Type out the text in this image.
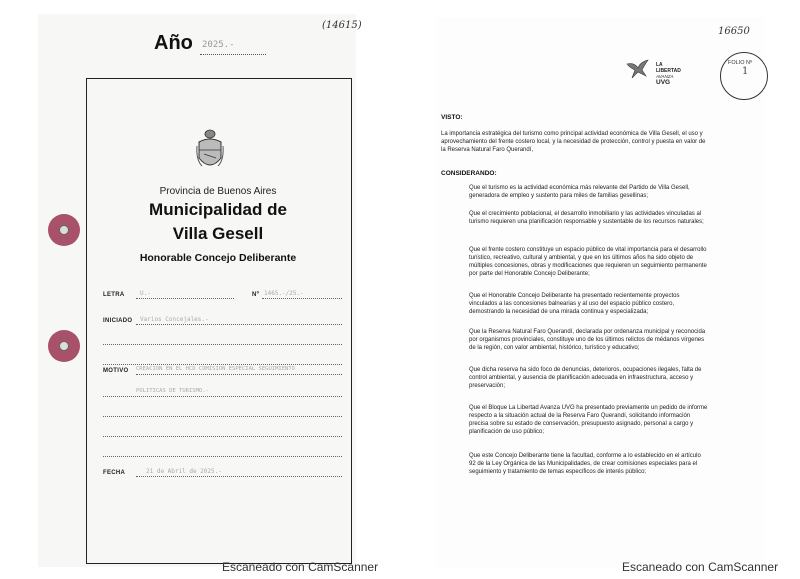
(14615)
Año 2025.-
Provincia de Buenos Aires
Municipalidad de
Villa Gesell
Honorable Concejo Deliberante
LETRA	U.-	Nº 1465.-/25.-
INICIADO Varios Concejales.-
MOTIVO CREACION EN EL HCD COMISION ESPECIAL SEGUIMIENTO
POLITICAS DE TURISMO.-
FECHA	21 de Abril de 2025.-
Escaneado con CamScanner
16650
LA
LIBERTAD
AVANZA
UVG
FOLIO Nº
1
VISTO:
La importancia estratégica del turismo como principal actividad económica de Villa Gesell, el uso y aprovechamiento del frente costero local, y la necesidad de protección, control y puesta en valor de la Reserva Natural Faro Querandí,
CONSIDERANDO:
Que el turismo es la actividad económica más relevante del Partido de Villa Gesell, generadora de empleo y sustento para miles de familias gesellinas;
Que el crecimiento poblacional, el desarrollo inmobiliario y las actividades vinculadas al turismo requieren una planificación responsable y sustentable de los recursos naturales;
Que el frente costero constituye un espacio público de vital importancia para el desarrollo turístico, recreativo, cultural y ambiental, y que en los últimos años ha sido objeto de múltiples concesiones, obras y modificaciones que requieren un seguimiento permanente por parte del Honorable Concejo Deliberante;
Que el Honorable Concejo Deliberante ha presentado recientemente proyectos vinculados a las concesiones balnearias y al uso del espacio público costero, demostrando la necesidad de una mirada continua y especializada;
Que la Reserva Natural Faro Querandí, declarada por ordenanza municipal y reconocida por organismos provinciales, constituye uno de los últimos relictos de médanos vírgenes de la región, con valor ambiental, histórico, turístico y educativo;
Que dicha reserva ha sido foco de denuncias, deterioros, ocupaciones ilegales, falta de control ambiental, y ausencia de planificación adecuada en infraestructura, acceso y preservación;
Que el Bloque La Libertad Avanza UVG ha presentado previamente un pedido de informe respecto a la situación actual de la Reserva Faro Querandí, solicitando información precisa sobre su estado de conservación, presupuesto asignado, personal a cargo y planificación de uso público;
Que este Concejo Deliberante tiene la facultad, conforme a lo establecido en el artículo 92 de la Ley Orgánica de las Municipalidades, de crear comisiones especiales para el seguimiento y tratamiento de temas específicos de interés público;
Escaneado con CamScanner
